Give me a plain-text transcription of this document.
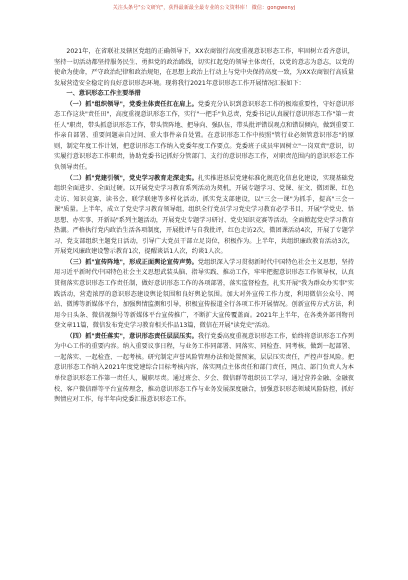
关注头条号"公文研究"，获得最新最全最专业的公文资料库！ 微信：gongwenyj

2021年，在省联社及辖区党组的正确领导下，XX农商银行高度重视意识形态工作，牢固树立看齐意识，坚持一切活动都坚持服务民生、勇担党的政治路线，切实扛起党的领导主体责任，以党的意志为意志，以党的使命为使命，严守政治纪律和政治规矩，在思想上政治上行动上与党中央保持高度一致，为XX农商银行高质量发展营造安全稳定的良好意识形态环境。现将我行2021年意识形态工作开展情况汇报如下：

一、意识形态工作主要举措

（一）抓"组织领导"，党委主体责任扛在肩上。党委充分认识到意识形态工作的极端重要性，守好意识形态工作这块"责任田"，高度重视意识形态工作，实行"一把手"负总责，党委书记认真履行意识形态工作"第一责任人"职责，带头抓意识形态工作，带头管阵地、把导向、强队伍，带头批评错误观点和错误倾向，做到重要工作亲自部署、重要问题亲自过问、重大事件亲自处置。在意识形态工作中按照"管行业必须管意识形态"的原则，制定年度工作计划，把意识形态工作纳入党委年度工作要点。党委班子成员牢固树立"一岗双责"意识，切实履行意识形态工作职责，协助党委书记抓好分管部门、支行的意识形态工作，对职责范围内的意识形态工作负领导责任。

（二）抓"党建引领"，党史学习教育走深走实。扎实推进基层党建标准化规范化信息化建设，实现基础党组织全面进步、全面过硬。以开展党史学习教育系列活动为契机，开展专题学习、党课、征文、微团课、红色走访、知识竞赛、读书会、联学联建等多样化活动，抓实党支部建设，以"三会一课"为抓手，提高"三会一课"质量。上半年，成立了党史学习教育领导组，组织全行党员学习党史学习教育必学书目，开展"学党史、悟思想、办实事、开新局"系列主题活动，开展党史专题学习研讨、党史知识竞赛等活动，全面掀起党史学习教育热潮。严格执行党内政治生活各项制度，开展批评与自我批评，红色走访2次，微团课活动4次，开展了专题学习、党支部组织主题党日活动，引导广大党员干部立足岗位，积极作为。上半年，共组织廉政教育活动3次，开展党风廉政建设警示教育1次，提醒谈话1人次，约谈1人次。

（三）抓"宣传阵地"，形成正面舆论宣传声势。党组织深入学习贯彻新时代中国特色社会主义思想，坚持用习近平新时代中国特色社会主义思想武装头脑、指导实践、推动工作，牢牢把握意识形态工作领导权，认真贯彻落实意识形态工作责任制，做好意识形态工作的各项部署，落实监督检查，扎实开展"我为群众办实事"实践活动，营造浓厚的意识形态建设舆论氛围和良好舆论氛围。加大对外宣传工作力度，利用微信公众号、网站、微博等新媒体平台，加强舆情监测和引导，积极宣传报道全行各项工作开展情况。创新宣传方式方法，利用今日头条、微信视频号等新媒体平台宣传推广，不断扩大宣传覆盖面。2021年上半年，在各类外部刊物刊登文章11篇，微信发布党史学习教育相关作品13篇，微信在开展"读党史"活动。

（四）抓"责任落实"，意识形态责任层层压实。我行党委高度重视意识形态工作，始终将意识形态工作列为中心工作的重要内容。纳入重要议事日程，与业务工作同部署、同落实、同检查、同考核，做到一起部署、一起落实、一起检查、一起考核。研究制定声誉风险管理办法和处置预案，层层压实责任，严控声誉风险。把意识形态工作纳入2021年度党建综合目标考核内容，落实网点主体责任和部门责任，网点、部门负责人为本单位意识形态工作第一责任人，履职尽责。通过班会、夕会、微信群等组织员工学习，通过营养金融、金融夜校、客户微信群等平台宣传理念，推动意识形态工作与业务发展深度融合，加强意识形态领域风险防控，抓好舆情应对工作，每半年向党委汇报意识形态工作。
